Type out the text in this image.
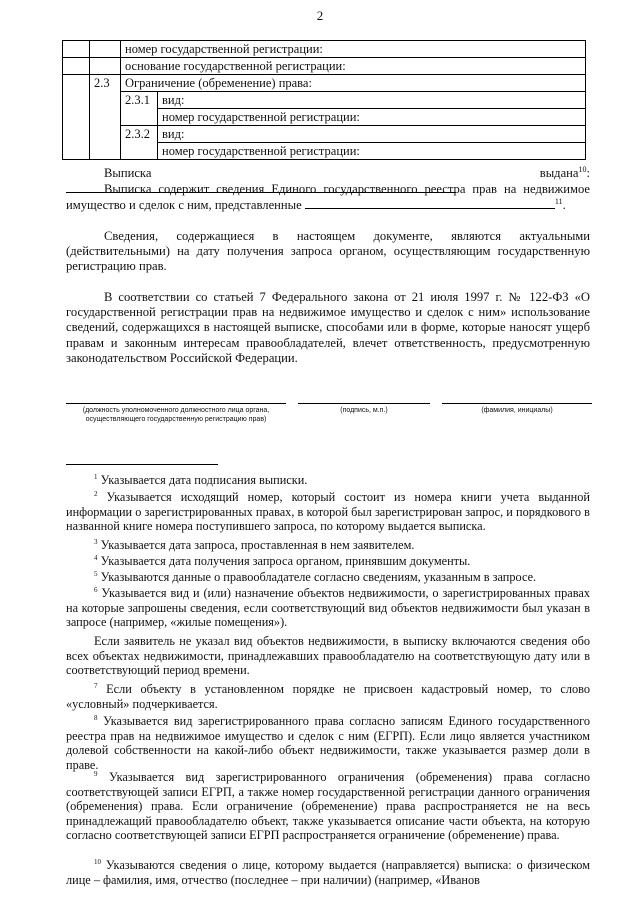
2
		номер государственной регистрации:	
		основание государственной регистрации:	
	2.3	Ограничение (обременение) права:	
		2.3.1	вид:
			номер государственной регистрации:
		2.3.2	вид:
			номер государственной регистрации:
Выписка выдана$^{10}$:
Выписка содержит сведения Единого государственного реестра прав на недвижимое имущество и сделок с ним, представленные	$^{11}$.
Сведения, содержащиеся в настоящем документе, являются актуальными (действительными) на дату получения запроса органом, осуществляющим государственную регистрацию прав.
В соответствии со статьей 7 Федерального закона от 21 июля 1997 г. № 122-ФЗ «О государственной регистрации прав на недвижимое имущество и сделок с ним» использование сведений, содержащихся в настоящей выписке, способами или в форме, которые наносят ущерб правам и законным интересам правообладателей, влечет ответственность, предусмотренную законодательством Российской Федерации.
(должность уполномоченного должностного лица органа, осуществляющего государственную регистрацию прав)
(подпись, м.п.)	(фамилия, инициалы)

$^1$ Указывается дата подписания выписки.

$^2$ Указывается исходящий номер, который состоит из номера книги учета выданной информации о зарегистрированных правах, в которой был зарегистрирован запрос, и порядкового в названной книге номера поступившего запроса, по которому выдается выписка.

$^3$ Указывается дата запроса, проставленная в нем заявителем.

$^4$ Указывается дата получения запроса органом, принявшим документы.

$^5$ Указываются данные о правообладателе согласно сведениям, указанным в запросе.

$^6$ Указывается вид и (или) назначение объектов недвижимости, о зарегистрированных правах на которые запрошены сведения, если соответствующий вид объектов недвижимости был указан в запросе (например, «жилые помещения»).

Если заявитель не указал вид объектов недвижимости, в выписку включаются сведения обо всех объектах недвижимости, принадлежавших правообладателю на соответствующую дату или в соответствующий период времени.

$^7$ Если объекту в установленном порядке не присвоен кадастровый номер, то слово «условный» подчеркивается.

$^8$ Указывается вид зарегистрированного права согласно записям Единого государственного реестра прав на недвижимое имущество и сделок с ним (ЕГРП). Если лицо является участником долевой собственности на какой-либо объект недвижимости, также указывается размер доли в праве.

$^9$ Указывается вид зарегистрированного ограничения (обременения) права согласно соответствующей записи ЕГРП, а также номер государственной регистрации данного ограничения (обременения) права. Если ограничение (обременение) права распространяется не на весь принадлежащий правообладателю объект, также указывается описание части объекта, на которую согласно соответствующей записи ЕГРП распространяется ограничение (обременение) права.

$^{10}$ Указываются сведения о лице, которому выдается (направляется) выписка: о физическом лице – фамилия, имя, отчество (последнее – при наличии) (например, «Иванов
